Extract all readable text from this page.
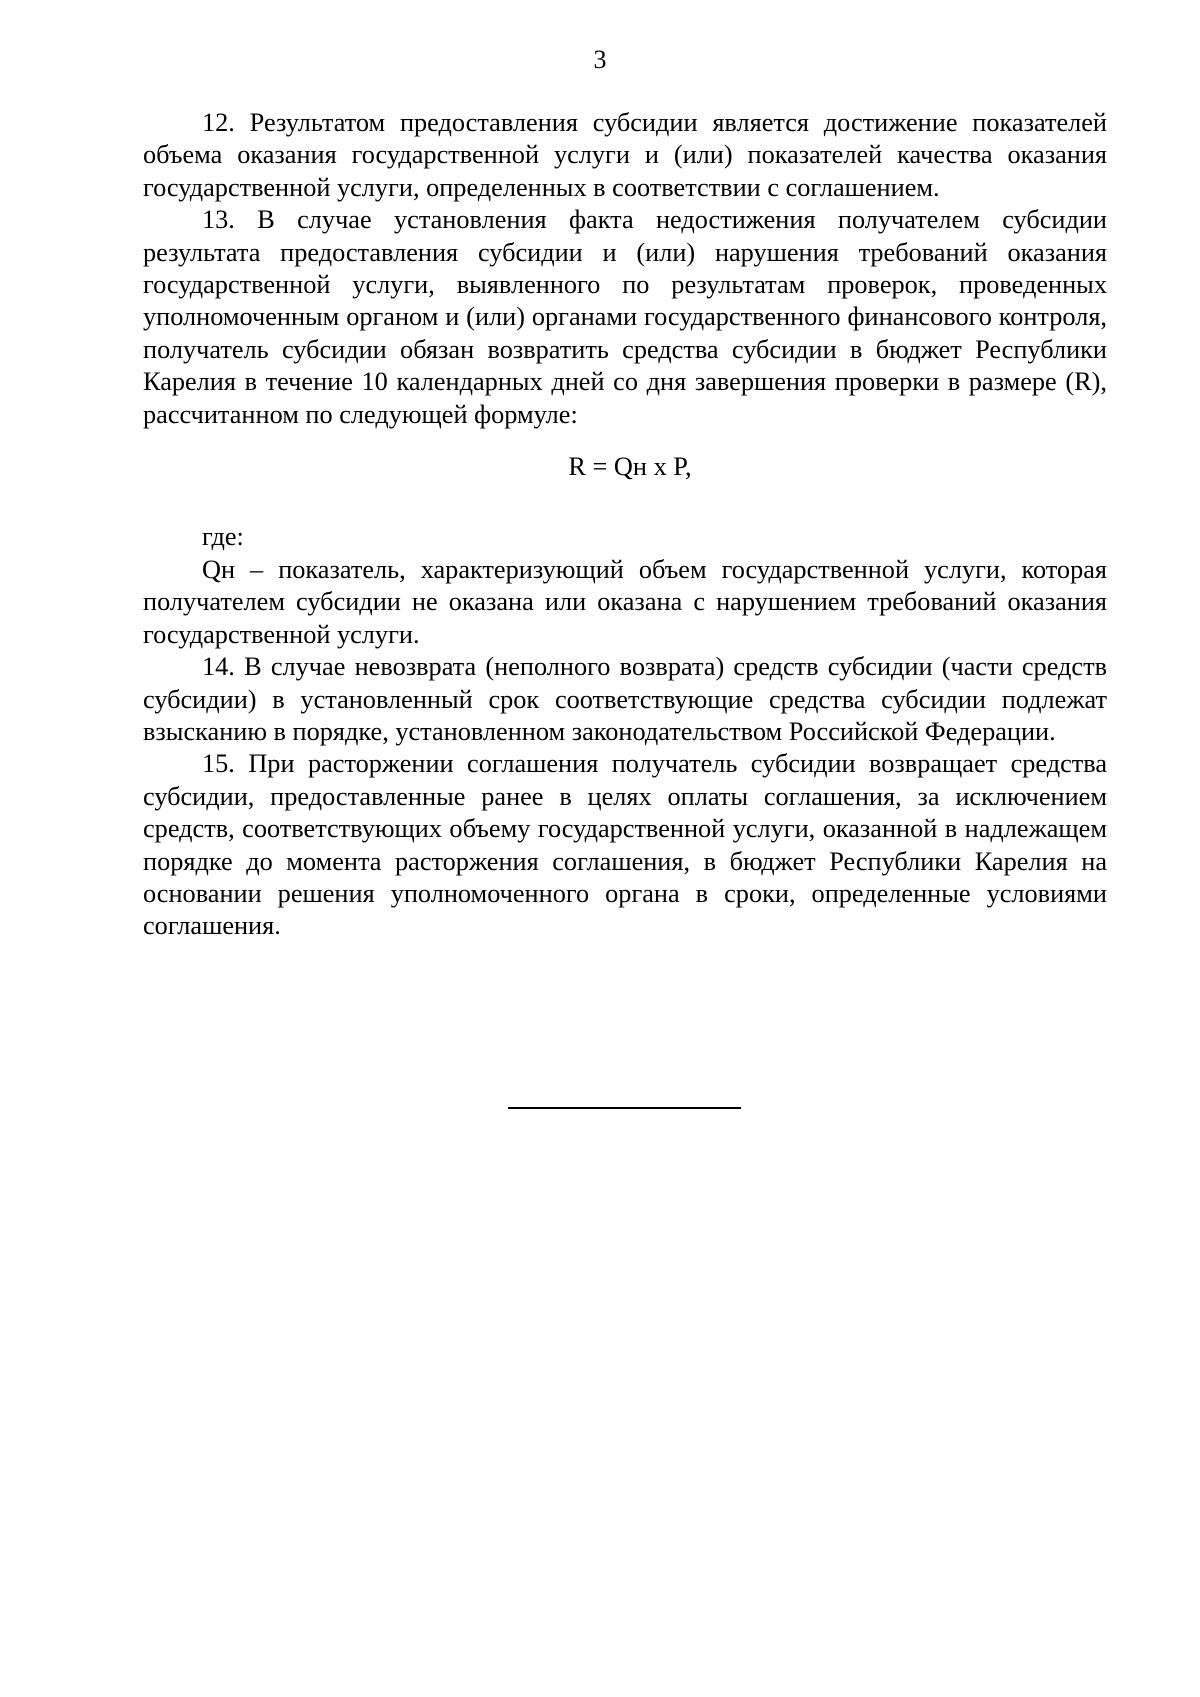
3

12. Результатом предоставления субсидии является достижение показателей объема оказания государственной услуги и (или) показателей качества оказания государственной услуги, определенных в соответствии с соглашением.

13. В случае установления факта недостижения получателем субсидии результата предоставления субсидии и (или) нарушения требований оказания государственной услуги, выявленного по результатам проверок, проведенных уполномоченным органом и (или) органами государственного финансового контроля, получатель субсидии обязан возвратить средства субсидии в бюджет Республики Карелия в течение 10 календарных дней со дня завершения проверки в размере (R), рассчитанном по следующей формуле:

R = Qн х P,

где:

Qн – показатель, характеризующий объем государственной услуги, которая получателем субсидии не оказана или оказана с нарушением требований оказания государственной услуги.

14. В случае невозврата (неполного возврата) средств субсидии (части средств субсидии) в установленный срок соответствующие средства субсидии подлежат взысканию в порядке, установленном законодательством Российской Федерации.

15. При расторжении соглашения получатель субсидии возвращает средства субсидии, предоставленные ранее в целях оплаты соглашения, за исключением средств, соответствующих объему государственной услуги, оказанной в надлежащем порядке до момента расторжения соглашения, в бюджет Республики Карелия на основании решения уполномоченного органа в сроки, определенные условиями соглашения.
